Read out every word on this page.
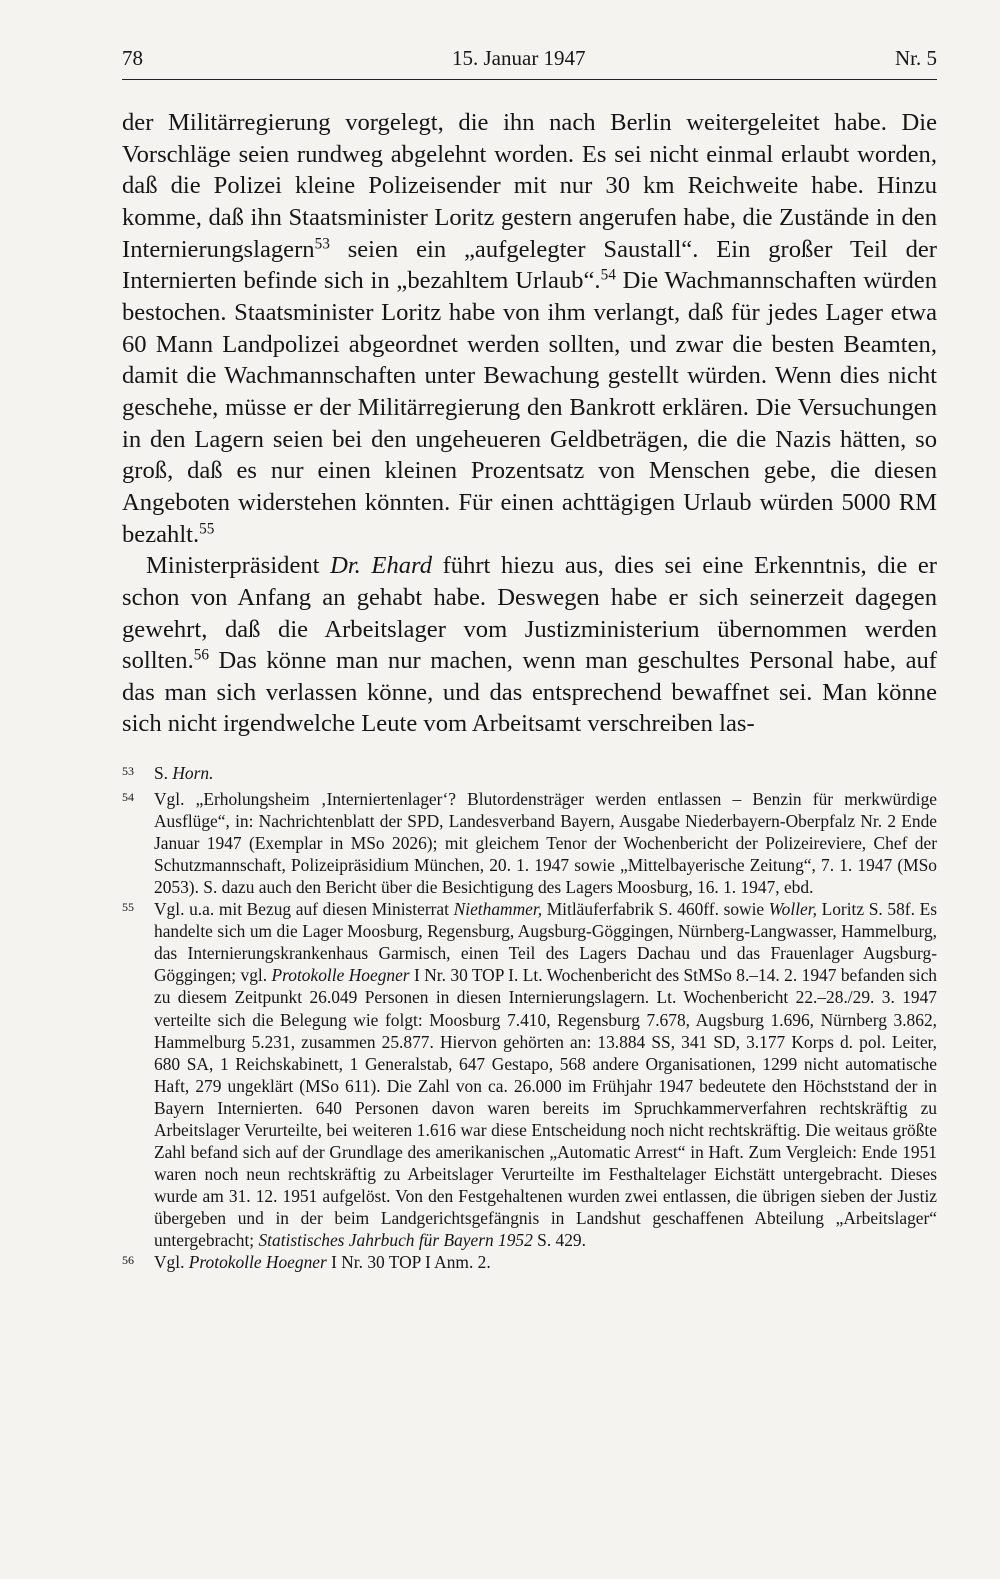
78	15. Januar 1947	Nr. 5

der Militärregierung vorgelegt, die ihn nach Berlin weitergeleitet habe. Die Vorschläge seien rundweg abgelehnt worden. Es sei nicht einmal erlaubt worden, daß die Polizei kleine Polizeisender mit nur 30 km Reichweite habe. Hinzu komme, daß ihn Staatsminister Loritz gestern angerufen habe, die Zustände in den Internierungslagern$^{53}$ seien ein „aufgelegter Saustall“. Ein großer Teil der Internierten befinde sich in „bezahltem Urlaub“.$^{54}$ Die Wachmannschaften würden bestochen. Staatsminister Loritz habe von ihm verlangt, daß für jedes Lager etwa 60 Mann Landpolizei abgeordnet werden sollten, und zwar die besten Beamten, damit die Wachmannschaften unter Bewachung gestellt würden. Wenn dies nicht geschehe, müsse er der Militärregierung den Bankrott erklären. Die Versuchungen in den Lagern seien bei den ungeheueren Geldbeträgen, die die Nazis hätten, so groß, daß es nur einen kleinen Prozentsatz von Menschen gebe, die diesen Angeboten widerstehen könnten. Für einen achttägigen Urlaub würden 5000 RM bezahlt.$^{55}$

Ministerpräsident Dr. Ehard führt hiezu aus, dies sei eine Erkenntnis, die er schon von Anfang an gehabt habe. Deswegen habe er sich seinerzeit dagegen gewehrt, daß die Arbeitslager vom Justizministerium übernommen werden sollten.$^{56}$ Das könne man nur machen, wenn man geschultes Personal habe, auf das man sich verlassen könne, und das entsprechend bewaffnet sei. Man könne sich nicht irgendwelche Leute vom Arbeitsamt verschreiben las-

53 S. Horn.

54 Vgl. „Erholungsheim ‚Interniertenlager‘? Blutordensträger werden entlassen – Benzin für merkwürdige Ausflüge“, in: Nachrichtenblatt der SPD, Landesverband Bayern, Ausgabe Niederbayern-Oberpfalz Nr. 2 Ende Januar 1947 (Exemplar in MSo 2026); mit gleichem Tenor der Wochenbericht der Polizeireviere, Chef der Schutzmannschaft, Polizeipräsidium München, 20. 1. 1947 sowie „Mittelbayerische Zeitung“, 7. 1. 1947 (MSo 2053). S. dazu auch den Bericht über die Besichtigung des Lagers Moosburg, 16. 1. 1947, ebd.

55 Vgl. u.a. mit Bezug auf diesen Ministerrat Niethammer, Mitläuferfabrik S. 460ff. sowie Woller, Loritz S. 58f. Es handelte sich um die Lager Moosburg, Regensburg, Augsburg-Göggingen, Nürnberg-Langwasser, Hammelburg, das Internierungskrankenhaus Garmisch, einen Teil des Lagers Dachau und das Frauenlager Augsburg-Göggingen; vgl. Protokolle Hoegner I Nr. 30 TOP I. Lt. Wochenbericht des StMSo 8.–14. 2. 1947 befanden sich zu diesem Zeitpunkt 26.049 Personen in diesen Internierungslagern. Lt. Wochenbericht 22.–28./29. 3. 1947 verteilte sich die Belegung wie folgt: Moosburg 7.410, Regensburg 7.678, Augsburg 1.696, Nürnberg 3.862, Hammelburg 5.231, zusammen 25.877. Hiervon gehörten an: 13.884 SS, 341 SD, 3.177 Korps d. pol. Leiter, 680 SA, 1 Reichskabinett, 1 Generalstab, 647 Gestapo, 568 andere Organisationen, 1299 nicht automatische Haft, 279 ungeklärt (MSo 611). Die Zahl von ca. 26.000 im Frühjahr 1947 bedeutete den Höchststand der in Bayern Internierten. 640 Personen davon waren bereits im Spruchkammerverfahren rechtskräftig zu Arbeitslager Verurteilte, bei weiteren 1.616 war diese Entscheidung noch nicht rechtskräftig. Die weitaus größte Zahl befand sich auf der Grundlage des amerikanischen „Automatic Arrest“ in Haft. Zum Vergleich: Ende 1951 waren noch neun rechtskräftig zu Arbeitslager Verurteilte im Festhaltelager Eichstätt untergebracht. Dieses wurde am 31. 12. 1951 aufgelöst. Von den Festgehaltenen wurden zwei entlassen, die übrigen sieben der Justiz übergeben und in der beim Landgerichtsgefängnis in Landshut geschaffenen Abteilung „Arbeitslager“ untergebracht; Statistisches Jahrbuch für Bayern 1952 S. 429.

56 Vgl. Protokolle Hoegner I Nr. 30 TOP I Anm. 2.
